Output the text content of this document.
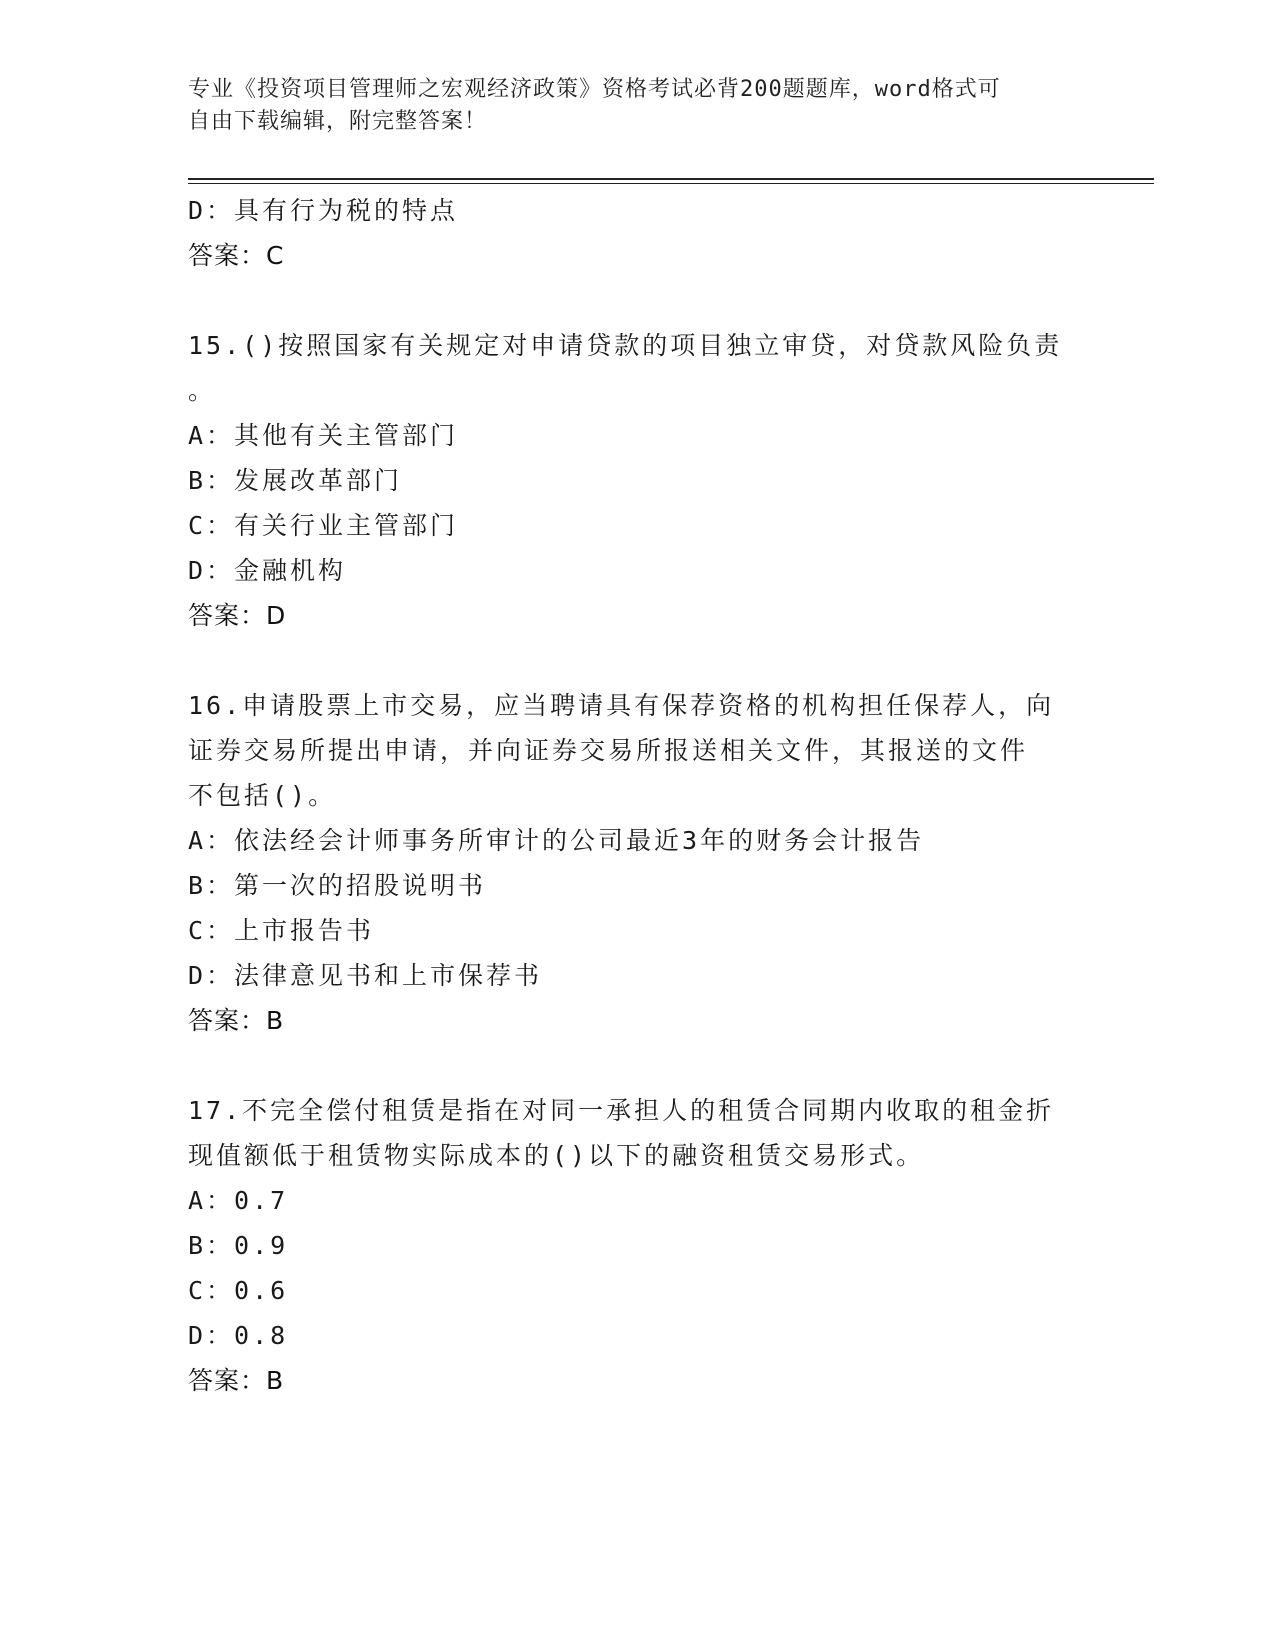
专业《投资项目管理师之宏观经济政策》资格考试必背200题题库，word格式可
自由下载编辑，附完整答案！
D：具有行为税的特点
答案：C
15.()按照国家有关规定对申请贷款的项目独立审贷，对贷款风险负责
。
A：其他有关主管部门
B：发展改革部门
C：有关行业主管部门
D：金融机构
答案：D
16.申请股票上市交易，应当聘请具有保荐资格的机构担任保荐人，向
证券交易所提出申请，并向证券交易所报送相关文件，其报送的文件
不包括()。
A：依法经会计师事务所审计的公司最近3年的财务会计报告
B：第一次的招股说明书
C：上市报告书
D：法律意见书和上市保荐书
答案：B
17.不完全偿付租赁是指在对同一承担人的租赁合同期内收取的租金折
现值额低于租赁物实际成本的()以下的融资租赁交易形式。
A：0.7
B：0.9
C：0.6
D：0.8
答案：B
